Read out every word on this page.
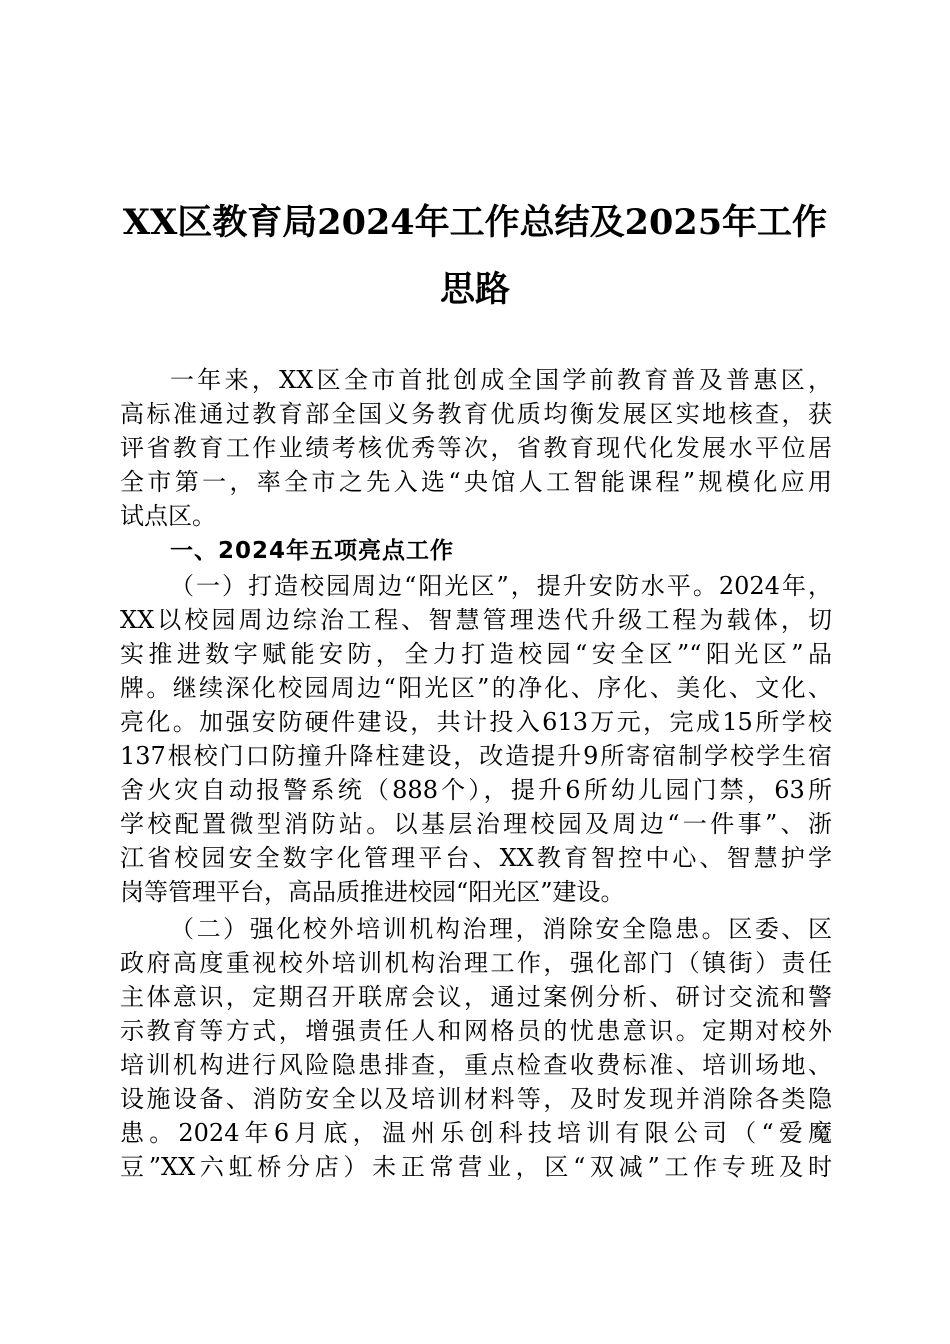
XX区教育局2024年工作总结及2025年工作
思路
一年来，XX区全市首批创成全国学前教育普及普惠区，
高标准通过教育部全国义务教育优质均衡发展区实地核查，获
评省教育工作业绩考核优秀等次，省教育现代化发展水平位居
全市第一，率全市之先入选“央馆人工智能课程”规模化应用
试点区。
一、2024年五项亮点工作
（一）打造校园周边“阳光区”，提升安防水平。2024年，
XX以校园周边综治工程、智慧管理迭代升级工程为载体，切
实推进数字赋能安防，全力打造校园“安全区”“阳光区”品
牌。继续深化校园周边“阳光区”的净化、序化、美化、文化、
亮化。加强安防硬件建设，共计投入613万元，完成15所学校
137根校门口防撞升降柱建设，改造提升9所寄宿制学校学生宿
舍火灾自动报警系统（888个），提升6所幼儿园门禁，63所
学校配置微型消防站。以基层治理校园及周边“一件事”、浙
江省校园安全数字化管理平台、XX教育智控中心、智慧护学
岗等管理平台，高品质推进校园“阳光区”建设。
（二）强化校外培训机构治理，消除安全隐患。区委、区
政府高度重视校外培训机构治理工作，强化部门（镇街）责任
主体意识，定期召开联席会议，通过案例分析、研讨交流和警
示教育等方式，增强责任人和网格员的忧患意识。定期对校外
培训机构进行风险隐患排查，重点检查收费标准、培训场地、
设施设备、消防安全以及培训材料等，及时发现并消除各类隐
患。2024年6月底，温州乐创科技培训有限公司（“爱魔
豆”XX六虹桥分店）未正常营业，区“双减”工作专班及时
